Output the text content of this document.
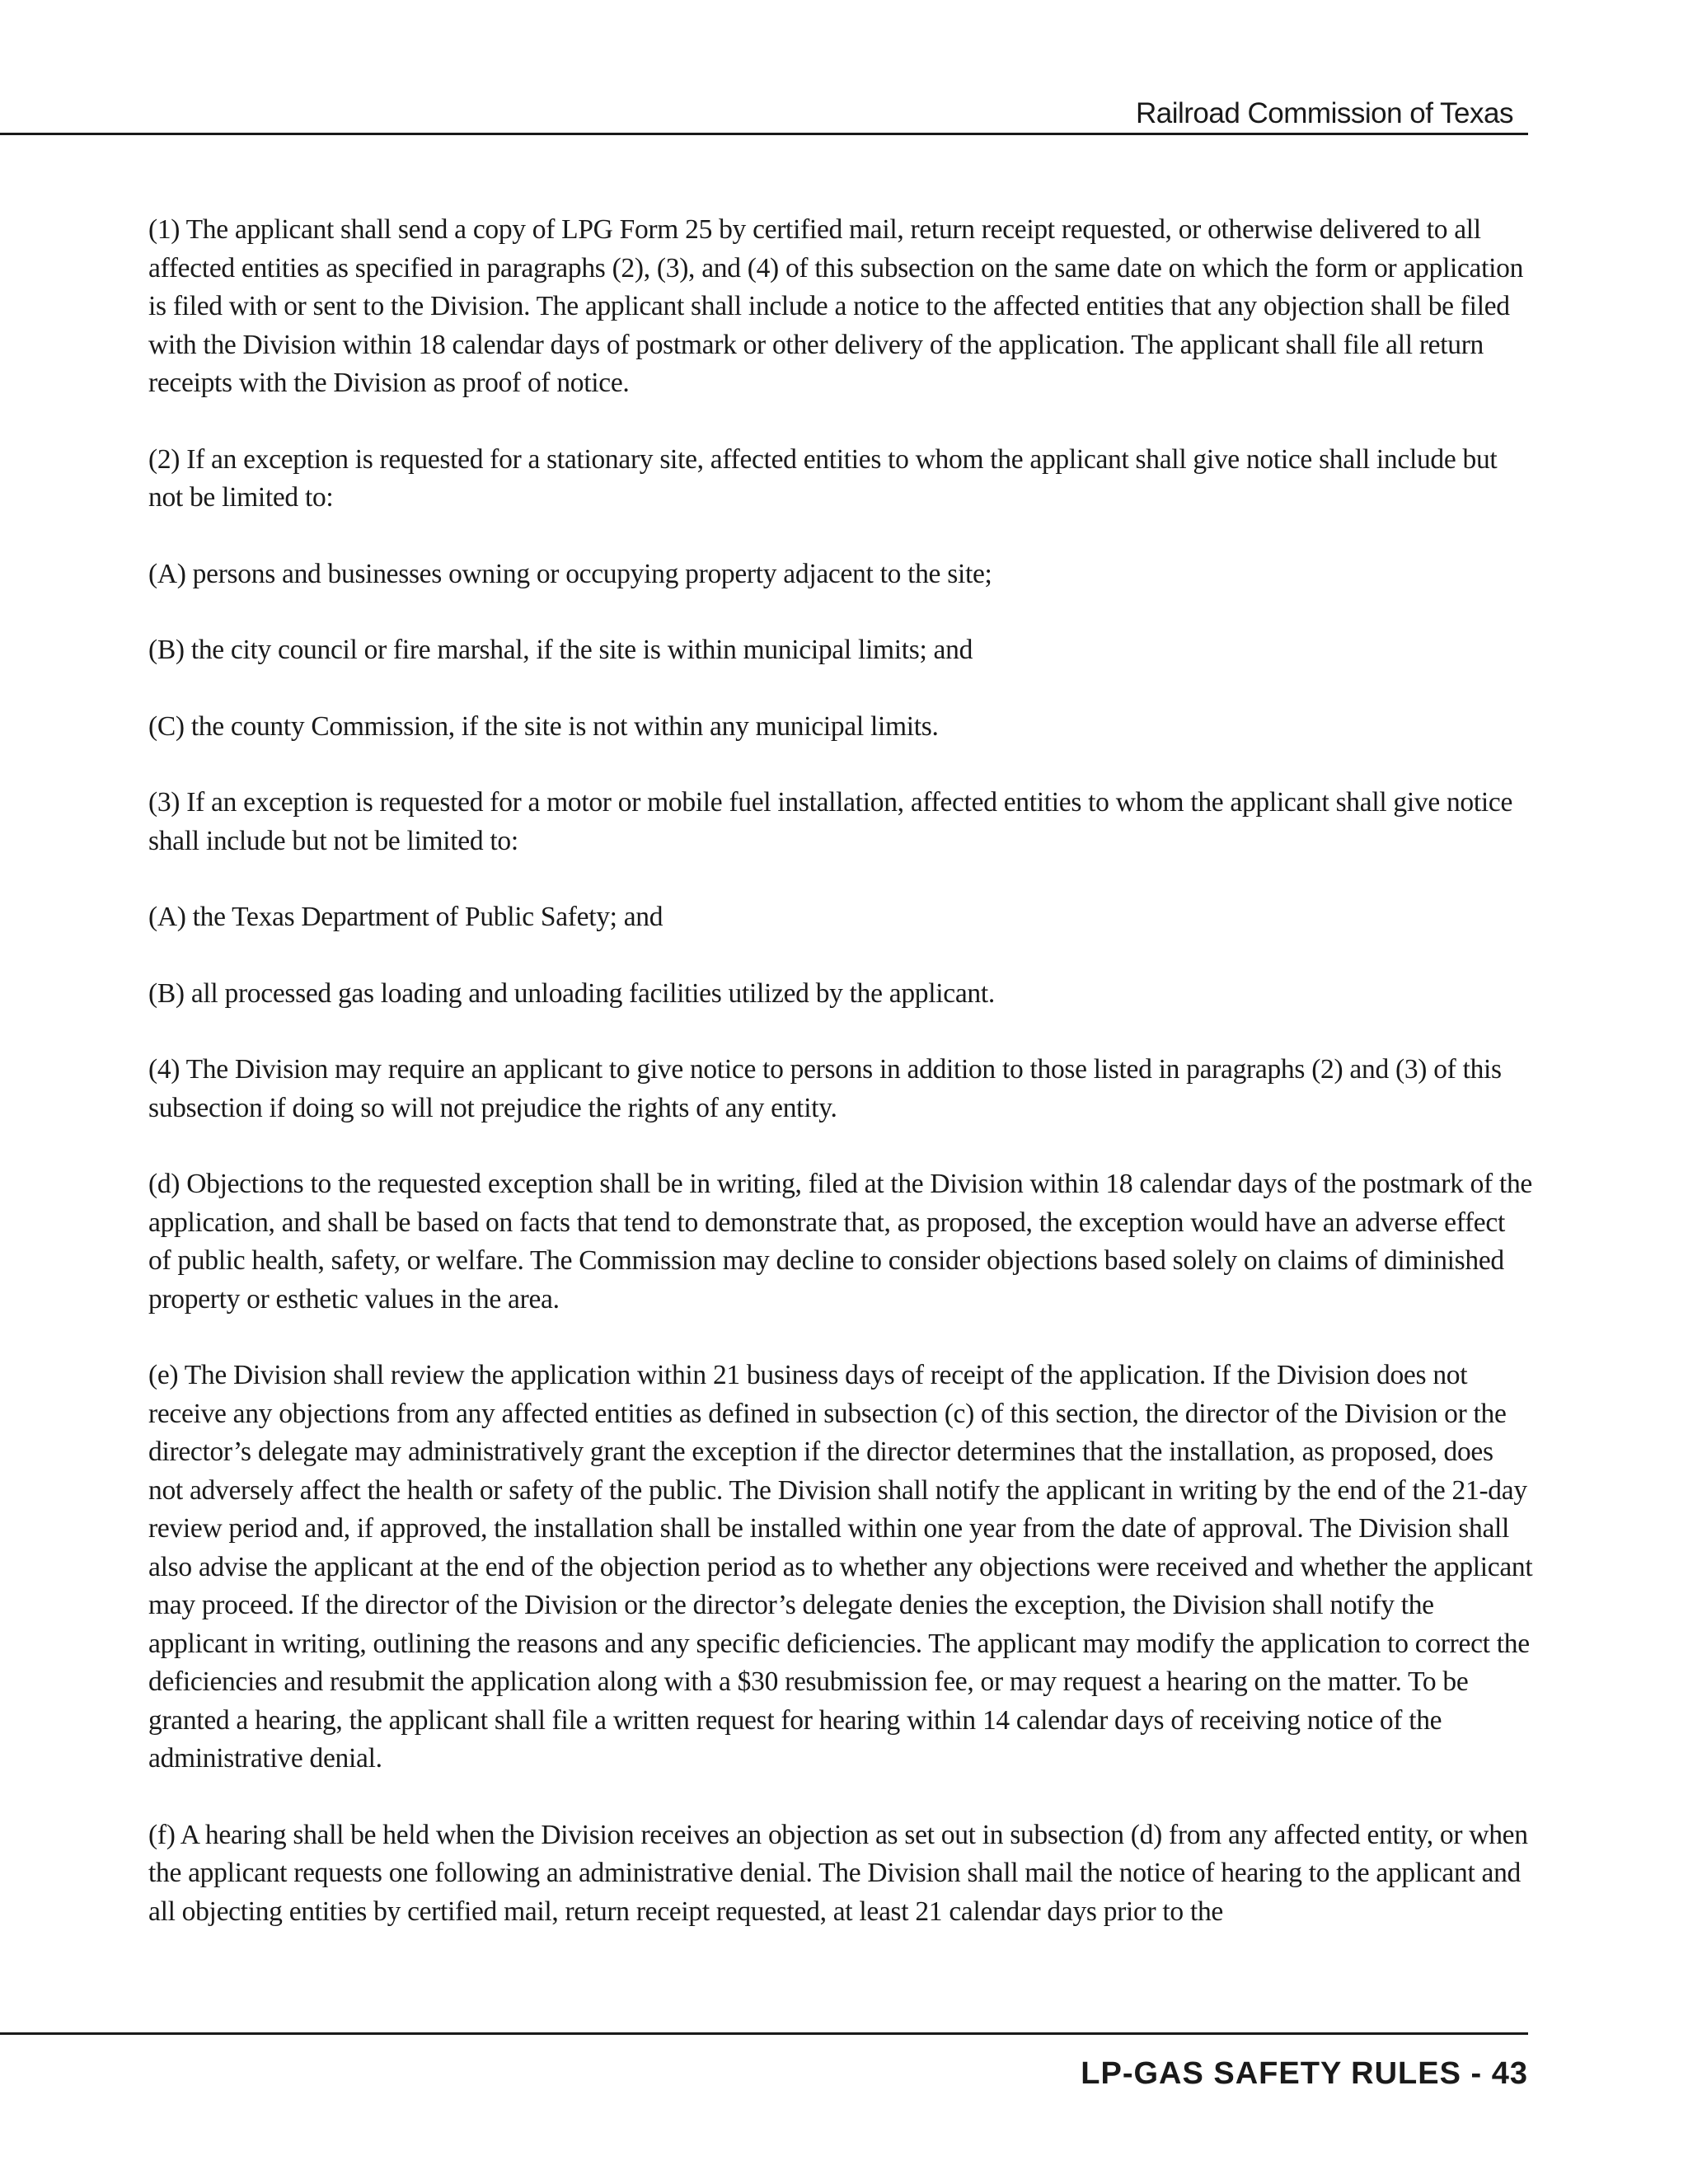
Railroad Commission of Texas

(1) The applicant shall send a copy of LPG Form 25 by certified mail, return receipt requested, or otherwise delivered to all affected entities as specified in paragraphs (2), (3), and (4) of this subsection on the same date on which the form or application is filed with or sent to the Division. The applicant shall include a notice to the affected entities that any objection shall be filed with the Division within 18 calendar days of postmark or other delivery of the application. The applicant shall file all return receipts with the Division as proof of notice.

(2) If an exception is requested for a stationary site, affected entities to whom the applicant shall give notice shall include but not be limited to:

(A) persons and businesses owning or occupying property adjacent to the site;

(B) the city council or fire marshal, if the site is within municipal limits; and

(C) the county Commission, if the site is not within any municipal limits.

(3) If an exception is requested for a motor or mobile fuel installation, affected entities to whom the applicant shall give notice shall include but not be limited to:

(A) the Texas Department of Public Safety; and

(B) all processed gas loading and unloading facilities utilized by the applicant.

(4) The Division may require an applicant to give notice to persons in addition to those listed in paragraphs (2) and (3) of this subsection if doing so will not prejudice the rights of any entity.

(d) Objections to the requested exception shall be in writing, filed at the Division within 18 calendar days of the postmark of the application, and shall be based on facts that tend to demonstrate that, as proposed, the exception would have an adverse effect of public health, safety, or welfare. The Commission may decline to consider objections based solely on claims of diminished property or esthetic values in the area.

(e) The Division shall review the application within 21 business days of receipt of the application. If the Division does not receive any objections from any affected entities as defined in subsection (c) of this section, the director of the Division or the director’s delegate may administratively grant the exception if the director determines that the installation, as proposed, does not adversely affect the health or safety of the public. The Division shall notify the applicant in writing by the end of the 21-day review period and, if approved, the installation shall be installed within one year from the date of approval. The Division shall also advise the applicant at the end of the objection period as to whether any objections were received and whether the applicant may proceed. If the director of the Division or the director’s delegate denies the exception, the Division shall notify the applicant in writing, outlining the reasons and any specific deficiencies. The applicant may modify the application to correct the deficiencies and resubmit the application along with a $30 resubmission fee, or may request a hearing on the matter. To be granted a hearing, the applicant shall file a written request for hearing within 14 calendar days of receiving notice of the administrative denial.

(f) A hearing shall be held when the Division receives an objection as set out in subsection (d) from any affected entity, or when the applicant requests one following an administrative denial. The Division shall mail the notice of hearing to the applicant and all objecting entities by certified mail, return receipt requested, at least 21 calendar days prior to the

LP-GAS SAFETY RULES - 43
